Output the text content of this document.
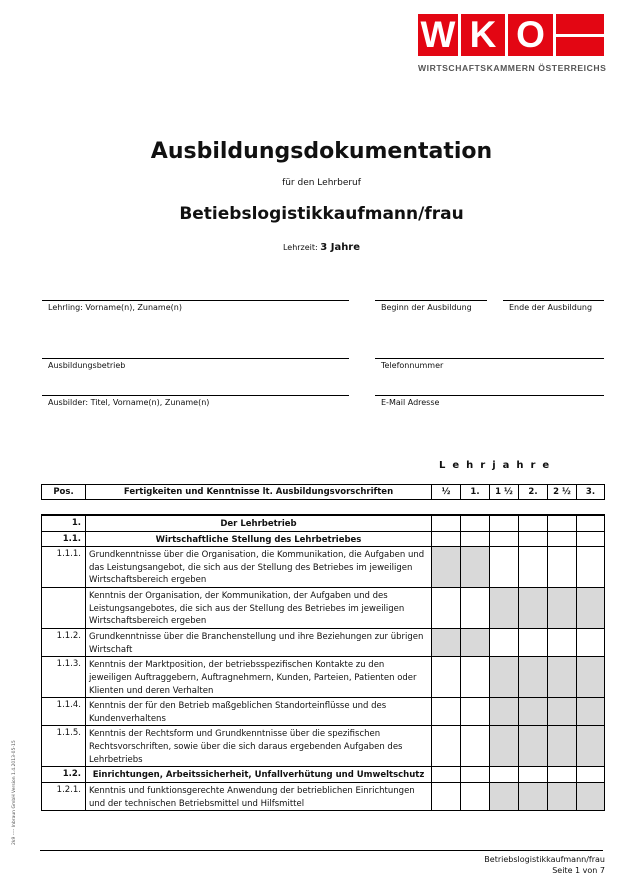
W K O
WIRTSCHAFTSKAMMERN ÖSTERREICHS
Ausbildungsdokumentation
für den Lehrberuf
Betiebslogistikkaufmann/frau
Lehrzeit: 3 Jahre
Lehrling: Vorname(n), Zuname(n)	Beginn der Ausbildung	Ende der Ausbildung
Ausbildungsbetrieb	Telefonnummer
Ausbilder: Titel, Vorname(n), Zuname(n)	E-Mail Adresse
Lehrjahre
Pos.	Fertigkeiten und Kenntnisse lt. Ausbildungsvorschriften	½	1.	1 ½	2.	2 ½	3.
1.	Der Lehrbetrieb						
1.1.	Wirtschaftliche Stellung des Lehrbetriebes						
1.1.1.	Grundkenntnisse über die Organisation, die Kommunikation, die Aufgaben und das Leistungsangebot, die sich aus der Stellung des Betriebes im jeweiligen Wirtschaftsbereich ergeben						
	Kenntnis der Organisation, der Kommunikation, der Aufgaben und des Leistungsangebotes, die sich aus der Stellung des Betriebes im jeweiligen Wirtschaftsbereich ergeben						
1.1.2.	Grundkenntnisse über die Branchenstellung und ihre Beziehungen zur übrigen Wirtschaft						
1.1.3.	Kenntnis der Marktposition, der betriebsspezifischen Kontakte zu den jeweiligen Auftraggebern, Auftragnehmern, Kunden, Parteien, Patienten oder Klienten und deren Verhalten						
1.1.4.	Kenntnis der für den Betrieb maßgeblichen Standorteinflüsse und des Kundenverhaltens						
1.1.5.	Kenntnis der Rechtsform und Grundkenntnisse über die spezifischen Rechtsvorschriften, sowie über die sich daraus ergebenden Aufgaben des Lehrbetriebs						
1.2.	Einrichtungen, Arbeitssicherheit, Unfallverhütung und Umweltschutz						
1.2.1.	Kenntnis und funktionsgerechte Anwendung der betrieblichen Einrichtungen und der technischen Betriebsmittel und Hilfsmittel						
2k9 ---- Inbraun GmbH Version 1.4.2013-05-15
Betriebslogistikkaufmann/frau
Seite 1 von 7
